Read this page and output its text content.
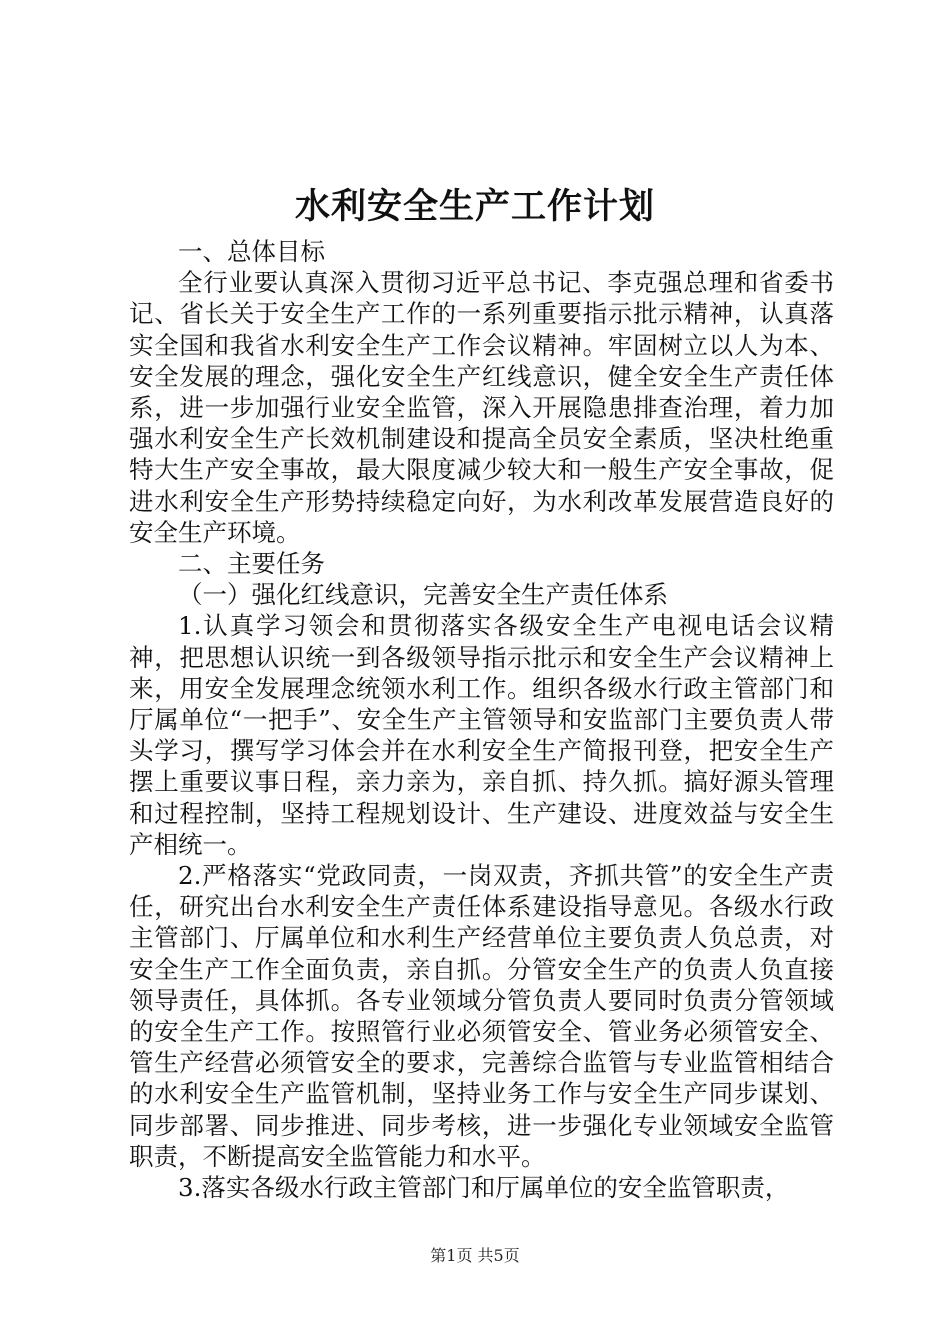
水利安全生产工作计划

一、总体目标

全行业要认真深入贯彻习近平总书记、李克强总理和省委书记、省长关于安全生产工作的一系列重要指示批示精神，认真落实全国和我省水利安全生产工作会议精神。牢固树立以人为本、安全发展的理念，强化安全生产红线意识，健全安全生产责任体系，进一步加强行业安全监管，深入开展隐患排查治理，着力加强水利安全生产长效机制建设和提高全员安全素质，坚决杜绝重特大生产安全事故，最大限度减少较大和一般生产安全事故，促进水利安全生产形势持续稳定向好，为水利改革发展营造良好的安全生产环境。

二、主要任务

（一）强化红线意识，完善安全生产责任体系

1.认真学习领会和贯彻落实各级安全生产电视电话会议精神，把思想认识统一到各级领导指示批示和安全生产会议精神上来，用安全发展理念统领水利工作。组织各级水行政主管部门和厅属单位“一把手”、安全生产主管领导和安监部门主要负责人带头学习，撰写学习体会并在水利安全生产简报刊登，把安全生产摆上重要议事日程，亲力亲为，亲自抓、持久抓。搞好源头管理和过程控制，坚持工程规划设计、生产建设、进度效益与安全生产相统一。

2.严格落实“党政同责，一岗双责，齐抓共管”的安全生产责任，研究出台水利安全生产责任体系建设指导意见。各级水行政主管部门、厅属单位和水利生产经营单位主要负责人负总责，对安全生产工作全面负责，亲自抓。分管安全生产的负责人负直接领导责任，具体抓。各专业领域分管负责人要同时负责分管领域的安全生产工作。按照管行业必须管安全、管业务必须管安全、管生产经营必须管安全的要求，完善综合监管与专业监管相结合的水利安全生产监管机制，坚持业务工作与安全生产同步谋划、同步部署、同步推进、同步考核，进一步强化专业领域安全监管职责，不断提高安全监管能力和水平。

3.落实各级水行政主管部门和厅属单位的安全监管职责，

第1页 共5页
